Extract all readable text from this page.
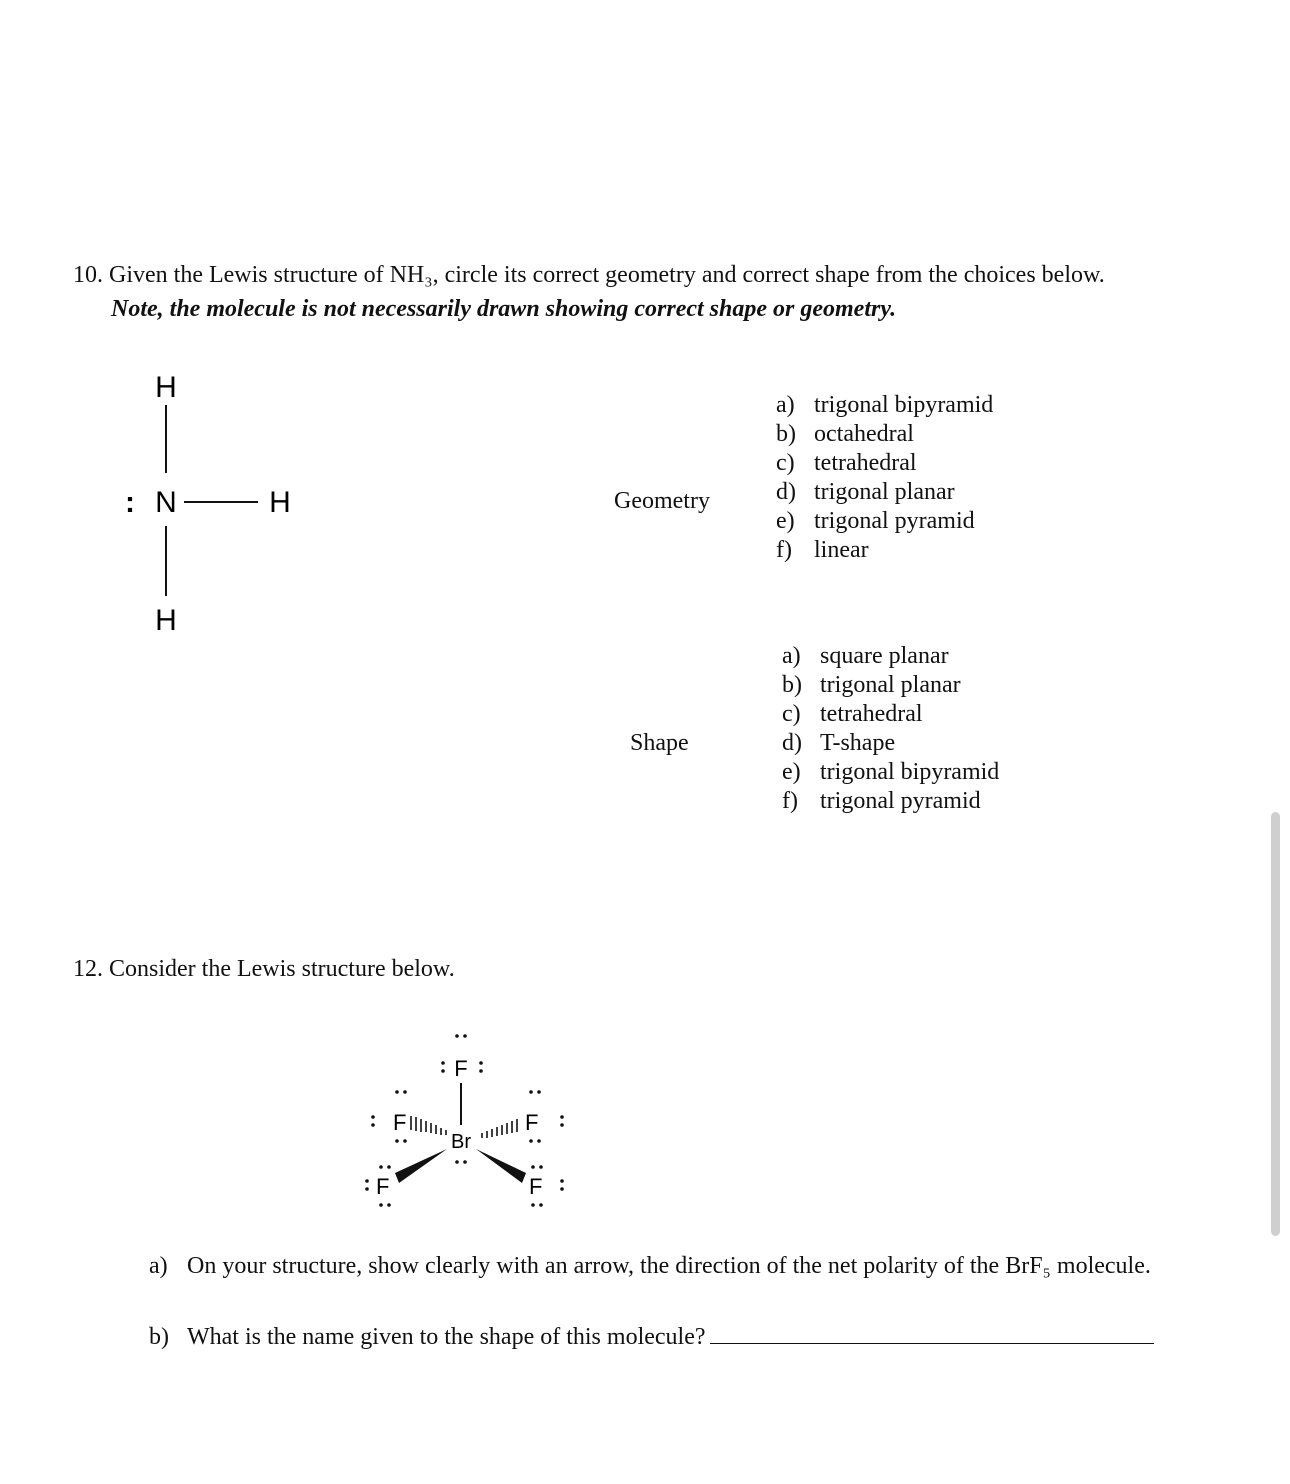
10. Given the Lewis structure of NH₃, circle its correct geometry and correct shape from the choices below.
Note, the molecule is not necessarily drawn showing correct shape or geometry.
H
: N	H
H
Geometry
a) trigonal bipyramid
b) octahedral
c) tetrahedral
d) trigonal planar
e) trigonal pyramid
f) linear
Shape
a) square planar
b) trigonal planar
c) tetrahedral
d) T-shape
e) trigonal bipyramid
f) trigonal pyramid
12. Consider the Lewis structure below.
F
Br
F	F
F	F
a) On your structure, show clearly with an arrow, the direction of the net polarity of the BrF₅ molecule.
b) What is the name given to the shape of this molecule?
